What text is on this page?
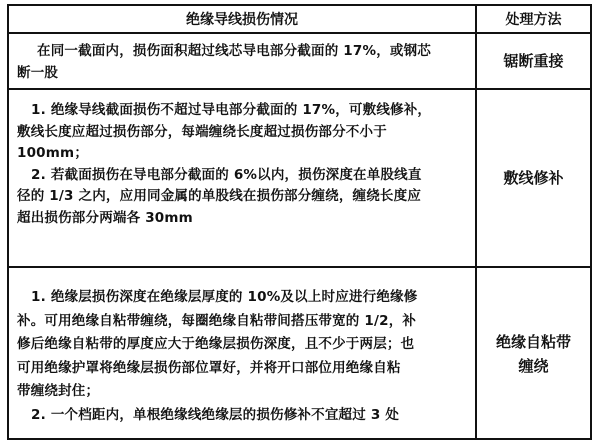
绝缘导线损伤情况	处理方法

在同一截面内，损伤面积超过线芯导电部分截面的 17%，或钢芯

断一股

锯断重接

1. 绝缘导线截面损伤不超过导电部分截面的 17%，可敷线修补，

敷线长度应超过损伤部分，每端缠绕长度超过损伤部分不小于

100mm；

2. 若截面损伤在导电部分截面的 6%以内，损伤深度在单股线直

径的 1/3 之内，应用同金属的单股线在损伤部分缠绕，缠绕长度应

超出损伤部分两端各 30mm

敷线修补

1. 绝缘层损伤深度在绝缘层厚度的 10%及以上时应进行绝缘修

补。可用绝缘自粘带缠绕，每圈绝缘自粘带间搭压带宽的 1/2，补

修后绝缘自粘带的厚度应大于绝缘层损伤深度，且不少于两层；也

可用绝缘护罩将绝缘层损伤部位罩好，并将开口部位用绝缘自粘

带缠绕封住；

2. 一个档距内，单根绝缘线绝缘层的损伤修补不宜超过 3 处

绝缘自粘带
缠绕
